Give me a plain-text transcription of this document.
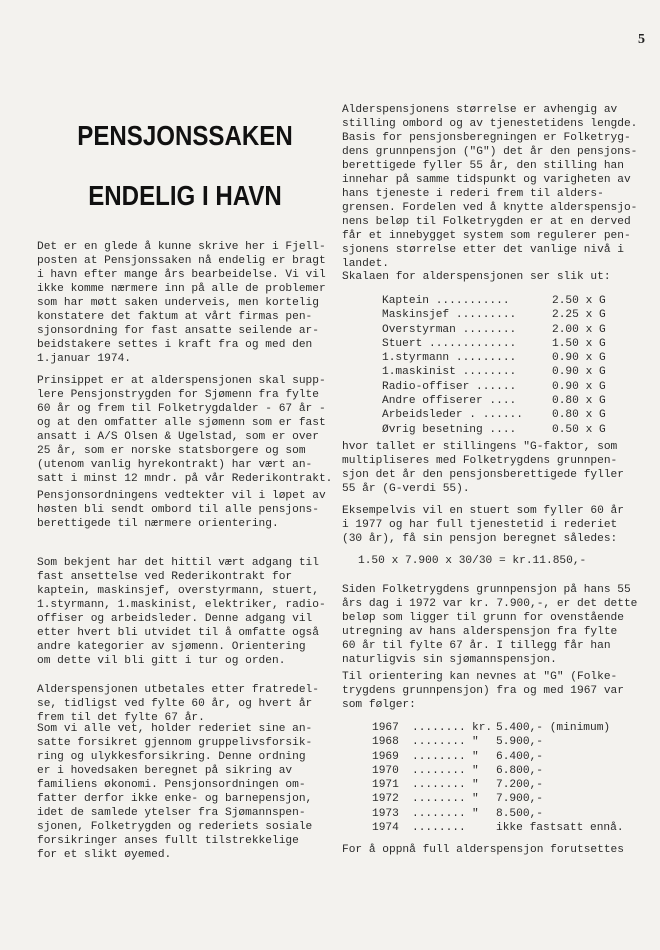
5
PENSJONSSAKEN
ENDELIG I HAVN

Det er en glede å kunne skrive her i Fjell-
posten at Pensjonssaken nå endelig er bragt
i havn efter mange års bearbeidelse. Vi vil
ikke komme nærmere inn på alle de problemer
som har møtt saken underveis, men kortelig
konstatere det faktum at vårt firmas pen-
sjonsordning for fast ansatte seilende ar-
beidstakere settes i kraft fra og med den
1.januar 1974.

Prinsippet er at alderspensjonen skal supp-
lere Pensjonstrygden for Sjømenn fra fylte
60 år og frem til Folketrygdalder - 67 år -
og at den omfatter alle sjømenn som er fast
ansatt i A/S Olsen & Ugelstad, som er over
25 år, som er norske statsborgere og som
(utenom vanlig hyrekontrakt) har vært an-
satt i minst 12 mndr. på vår Rederikontrakt.

Pensjonsordningens vedtekter vil i løpet av
høsten bli sendt ombord til alle pensjons-
berettigede til nærmere orientering.

Som bekjent har det hittil vært adgang til
fast ansettelse ved Rederikontrakt for
kaptein, maskinsjef, overstyrmann, stuert,
1.styrmann, 1.maskinist, elektriker, radio-
offiser og arbeidsleder. Denne adgang vil
etter hvert bli utvidet til å omfatte også
andre kategorier av sjømenn. Orientering
om dette vil bli gitt i tur og orden.

Alderspensjonen utbetales etter fratredel-
se, tidligst ved fylte 60 år, og hvert år
frem til det fylte 67 år.

Som vi alle vet, holder rederiet sine an-
satte forsikret gjennom gruppelivsforsik-
ring og ulykkesforsikring. Denne ordning
er i hovedsaken beregnet på sikring av
familiens økonomi. Pensjonsordningen om-
fatter derfor ikke enke- og barnepensjon,
idet de samlede ytelser fra Sjømannspen-
sjonen, Folketrygden og rederiets sosiale
forsikringer anses fullt tilstrekkelige
for et slikt øyemed.

Alderspensjonens størrelse er avhengig av
stilling ombord og av tjenestetidens lengde.
Basis for pensjonsberegningen er Folketryg-
dens grunnpensjon ("G") det år den pensjons-
berettigede fyller 55 år, den stilling han
innehar på samme tidspunkt og varigheten av
hans tjeneste i rederi frem til alders-
grensen. Fordelen ved å knytte alderspensjo-
nens beløp til Folketrygden er at en derved
får et innebygget system som regulerer pen-
sjonens størrelse etter det vanlige nivå i
landet.

Skalaen for alderspensjonen ser slik ut:

Kaptein ...........	2.50 x G
Maskinsjef .........	2.25 x G
Overstyrman ........	2.00 x G
Stuert .............	1.50 x G
1.styrmann .........	0.90 x G
1.maskinist ........	0.90 x G
Radio-offiser ......	0.90 x G
Andre offiserer ....	0.80 x G
Arbeidsleder . ......	0.80 x G
Øvrig besetning ....	0.50 x G

hvor tallet er stillingens "G-faktor, som
multipliseres med Folketrygdens grunnpen-
sjon det år den pensjonsberettigede fyller
55 år (G-verdi 55).

Eksempelvis vil en stuert som fyller 60 år
i 1977 og har full tjenestetid i rederiet
(30 år), få sin pensjon beregnet således:

1.50 x 7.900 x 30/30 = kr.11.850,-

Siden Folketrygdens grunnpensjon på hans 55
års dag i 1972 var kr. 7.900,-, er det dette
beløp som ligger til grunn for ovenstående
utregning av hans alderspensjon fra fylte
60 år til fylte 67 år. I tillegg får han
naturligvis sin sjømannspensjon.

Til orientering kan nevnes at "G" (Folke-
trygdens grunnpensjon) fra og med 1967 var
som følger:

1967	........ kr. 5.400,- (minimum)
1968	........ "	5.900,-
1969	........ "	6.400,-
1970	........ "	6.800,-
1971	........ "	7.200,-
1972	........ "	7.900,-
1973	........ "	8.500,-
1974	........	ikke fastsatt ennå.

For å oppnå full alderspensjon forutsettes
